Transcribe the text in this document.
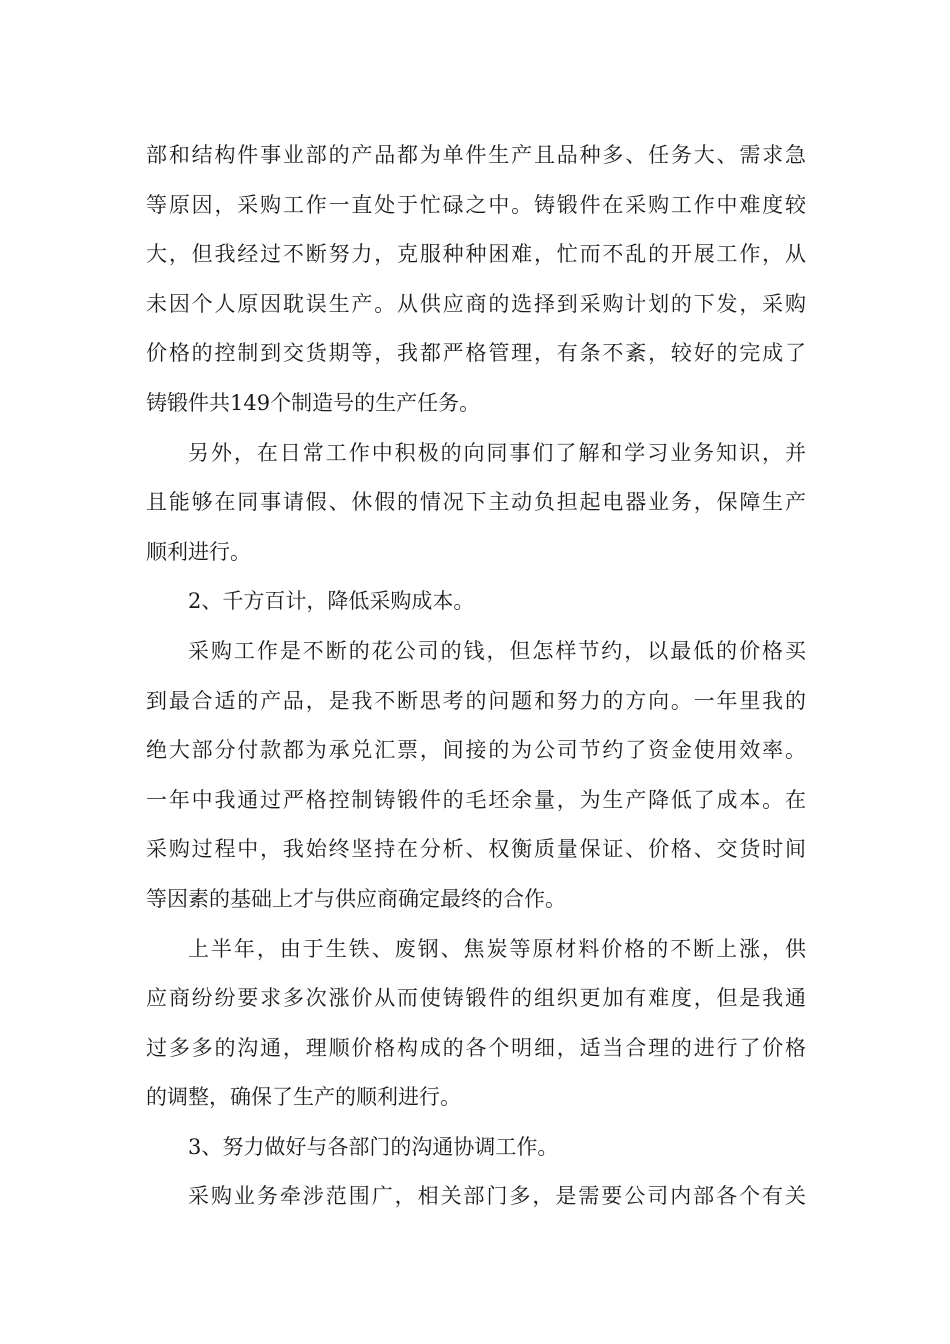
部和结构件事业部的产品都为单件生产且品种多、任务大、需求急
等原因，采购工作一直处于忙碌之中。铸锻件在采购工作中难度较
大，但我经过不断努力，克服种种困难，忙而不乱的开展工作，从
未因个人原因耽误生产。从供应商的选择到采购计划的下发，采购
价格的控制到交货期等，我都严格管理，有条不紊，较好的完成了
铸锻件共149个制造号的生产任务。
另外，在日常工作中积极的向同事们了解和学习业务知识，并
且能够在同事请假、休假的情况下主动负担起电器业务，保障生产
顺利进行。
2、千方百计，降低采购成本。
采购工作是不断的花公司的钱，但怎样节约，以最低的价格买
到最合适的产品，是我不断思考的问题和努力的方向。一年里我的
绝大部分付款都为承兑汇票，间接的为公司节约了资金使用效率。
一年中我通过严格控制铸锻件的毛坯余量，为生产降低了成本。在
采购过程中，我始终坚持在分析、权衡质量保证、价格、交货时间
等因素的基础上才与供应商确定最终的合作。
上半年，由于生铁、废钢、焦炭等原材料价格的不断上涨，供
应商纷纷要求多次涨价从而使铸锻件的组织更加有难度，但是我通
过多多的沟通，理顺价格构成的各个明细，适当合理的进行了价格
的调整，确保了生产的顺利进行。
3、努力做好与各部门的沟通协调工作。
采购业务牵涉范围广，相关部门多，是需要公司内部各个有关
